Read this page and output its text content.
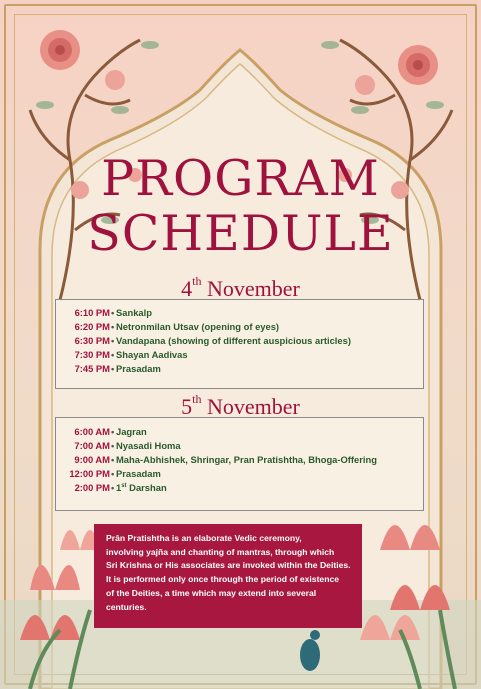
PROGRAM
SCHEDULE
4th November
6:10 PM • Sankalp
6:20 PM • Netronmilan Utsav (opening of eyes)
6:30 PM • Vandapana (showing of different auspicious articles)
7:30 PM • Shayan Aadivas
7:45 PM • Prasadam
5th November
6:00 AM • Jagran
7:00 AM • Nyasadi Homa
9:00 AM • Maha-Abhishek, Shringar, Pran Pratishtha, Bhoga-Offering
12:00 PM • Prasadam
2:00 PM • 1st Darshan
Prân Pratishtha is an elaborate Vedic ceremony,
involving yajña and chanting of mantras, through which
Sri Krishna or His associates are invoked within the Deities.
It is performed only once through the period of existence
of the Deities, a time which may extend into several
centuries.
